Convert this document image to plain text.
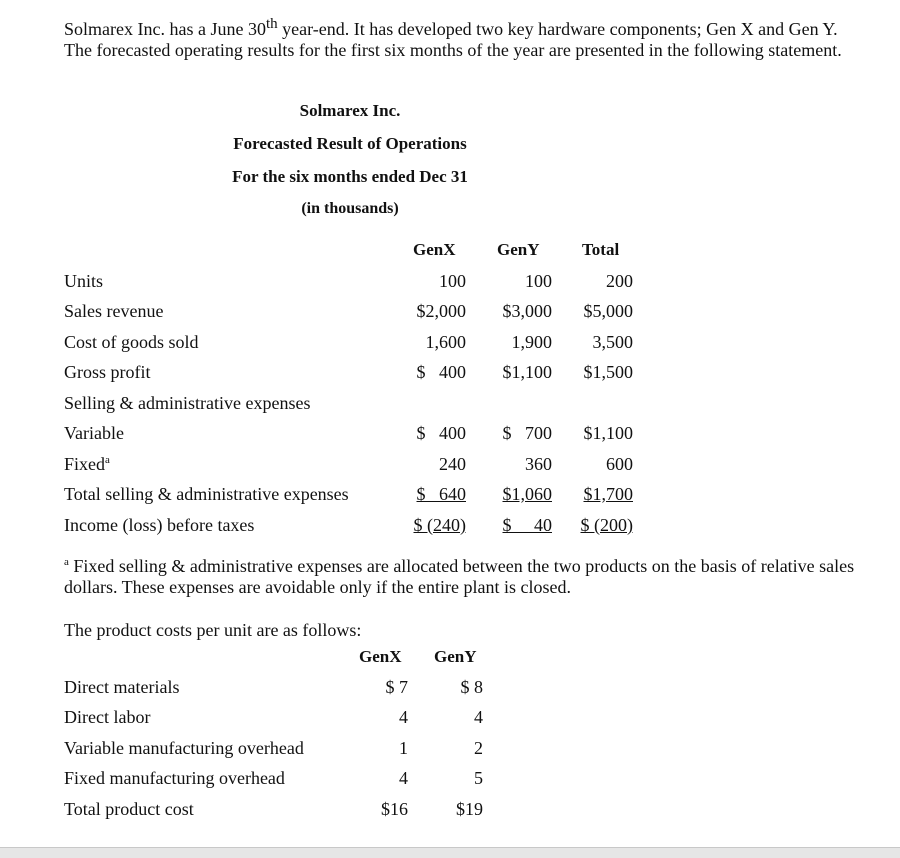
Solmarex Inc. has a June 30th year-end. It has developed two key hardware components; Gen X and Gen Y. The forecasted operating results for the first six months of the year are presented in the following statement.

Solmarex Inc.
Forecasted Result of Operations
For the six months ended Dec 31
(in thousands)
GenX GenY	Total
Units	100	100	200
Sales revenue	$2,000	$3,000	$5,000
Cost of goods sold	1,600	1,900	3,500
Gross profit	$   400	$1,100	$1,500
Selling & administrative expenses
Variable	$   400	$   700	$1,100
Fixed$^a$	240	360	600
Total selling & administrative expenses	$   640	$1,060	$1,700
Income (loss) before taxes	$ (240)	$     40	$ (200)

$^a$ Fixed selling & administrative expenses are allocated between the two products on the basis of relative sales dollars. These expenses are avoidable only if the entire plant is closed.

The product costs per unit are as follows:
GenX GenY
Direct materials	$ 7	$ 8
Direct labor	4	4
Variable manufacturing overhead	1	2
Fixed manufacturing overhead	4	5
Total product cost	$16	$19
